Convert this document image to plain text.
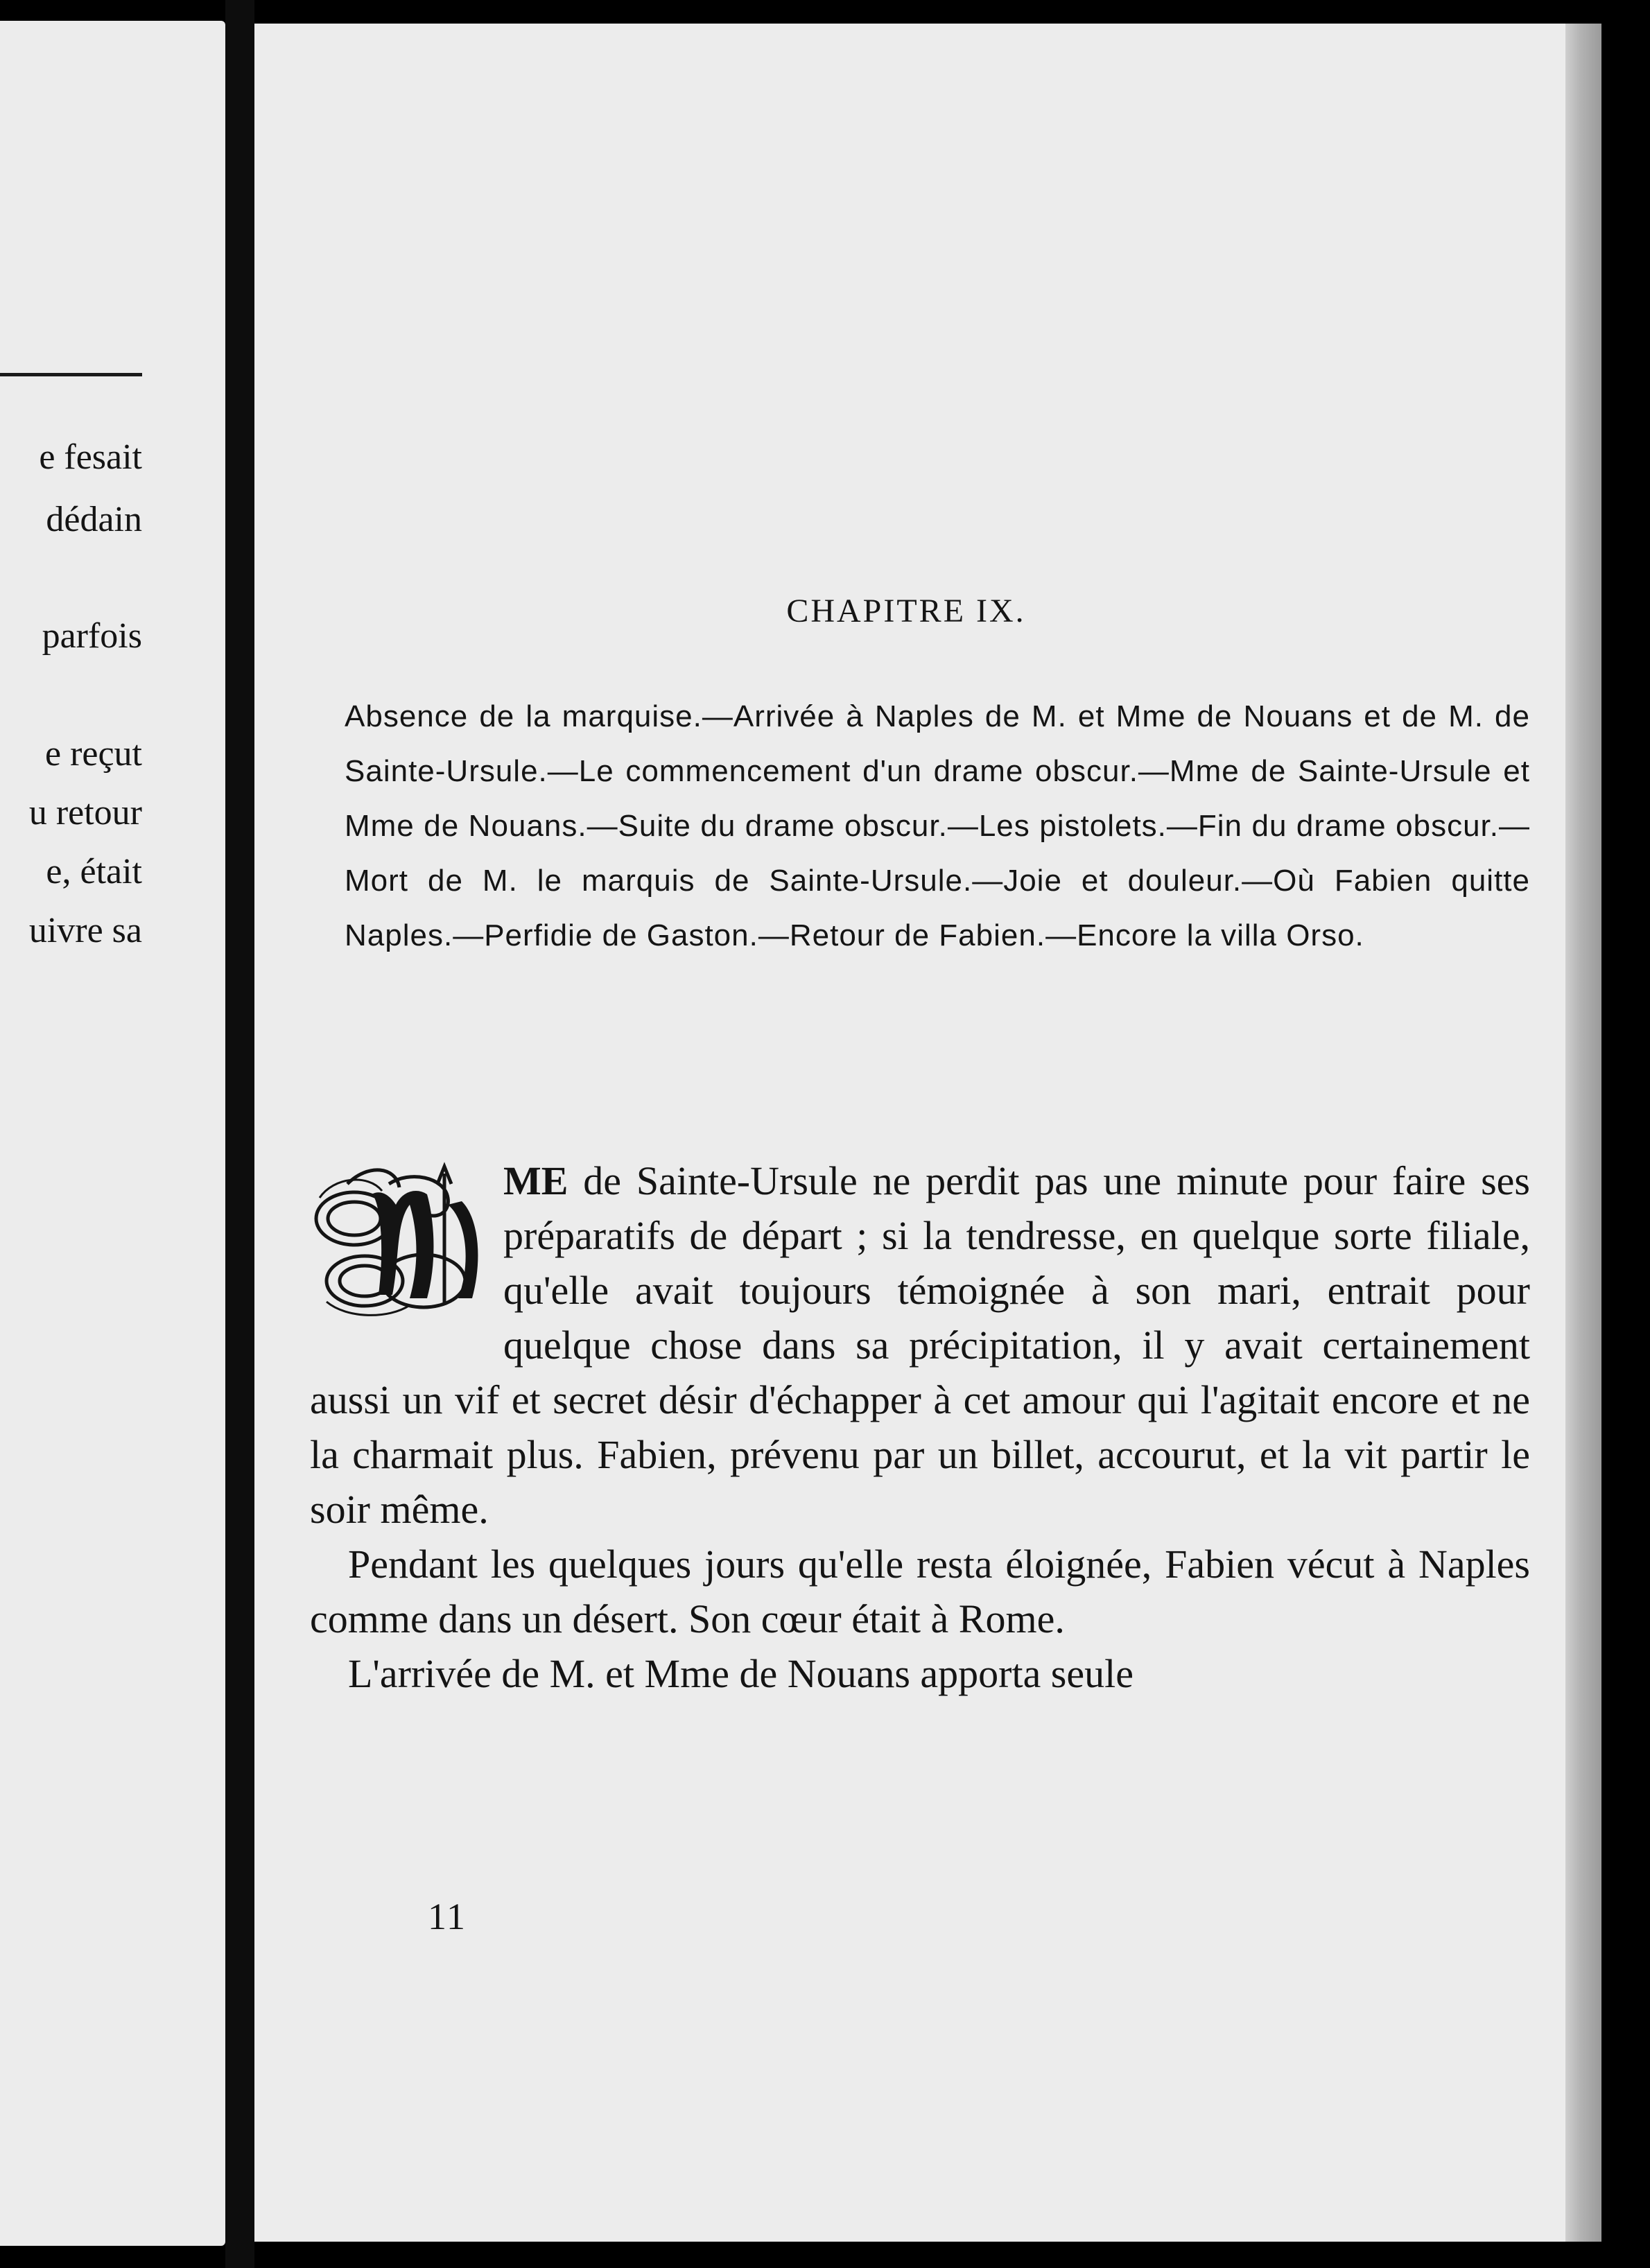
e fesait
dédain
parfois
e reçut
u retour
e, était
uivre sa
CHAPITRE IX.
Absence de la marquise.—Arrivée à Naples de M. et Mme de Nouans et de M. de Sainte-Ursule.—Le commencement d'un drame obscur.—Mme de Sainte-Ursule et Mme de Nouans.—Suite du drame obscur.—Les pistolets.—Fin du drame obscur.—Mort de M. le marquis de Sainte-Ursule.—Joie et douleur.—Où Fabien quitte Naples.—Perfidie de Gaston.—Retour de Fabien.—Encore la villa Orso.

ME de Sainte-Ursule ne perdit pas une minute pour faire ses préparatifs de départ ; si la tendresse, en quelque sorte filiale, qu'elle avait toujours témoignée à son mari, entrait pour quelque chose dans sa précipitation, il y avait certainement aussi un vif et secret désir d'échapper à cet amour qui l'agitait encore et ne la charmait plus. Fabien, prévenu par un billet, accourut, et la vit partir le soir même.

Pendant les quelques jours qu'elle resta éloignée, Fabien vécut à Naples comme dans un désert. Son cœur était à Rome.

L'arrivée de M. et Mme de Nouans apporta seule

11
